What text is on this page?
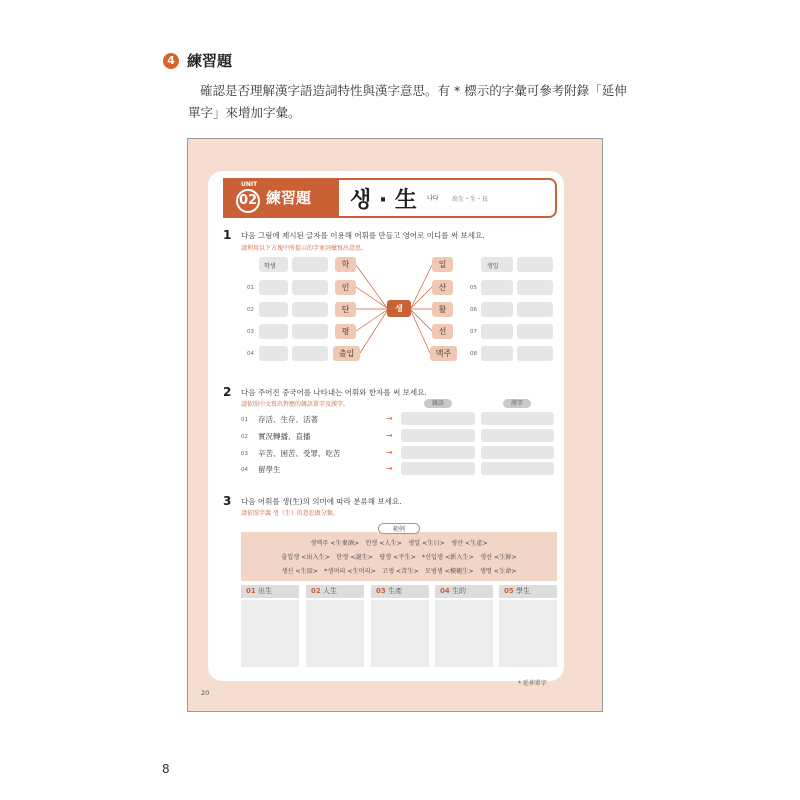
4 練習題
確認是否理解漢字語造詞特性與漢字意思。有 * 標示的字彙可參考附錄「延伸單字」來增加字彙。
UNIT
02 練習題 생 · 生 나다 出生・生・長
1 다음 그림에 제시된 글자를 이용해 어휘를 만들고 영어로 이디를 써 보세요.
請利用以下方塊中所提示的字並詞彙寫出意思。
학생	학
01	인
02	탄
03	평
04	출입
생
일	생일
산	05
활	06
선	07
맥주	08
2 다음 주어진 중국어를 나타내는 어휘와 한자를 써 보세요.
請依照中文寫出對應的韓語單字及漢字。	韓語	漢字
01 存活、生存、活著	→
02 實況轉播、直播	→
03 辛苦、困苦、受罪、吃苦	→
04 留學生	→
3 다음 어휘를 생(生)의 의미에 따라 분류해 보세요.
請依照字義 생（生）的意思做分類。
範例
생맥주 <生麥酒>　인생 <人生>　생일 <生日>　생산 <生產>
출입생 <出入生>　탄생 <誕生>　평생 <平生>　*신입생 <新入生>　생선 <生鮮>
생신 <生辰>　*생머리 <生머리>　고생 <苦生>　모범생 <模範生>　생명 <生命>
01 出生	02 人生	03 生產	04 生的	05 學生
* 延伸單字
20
8
